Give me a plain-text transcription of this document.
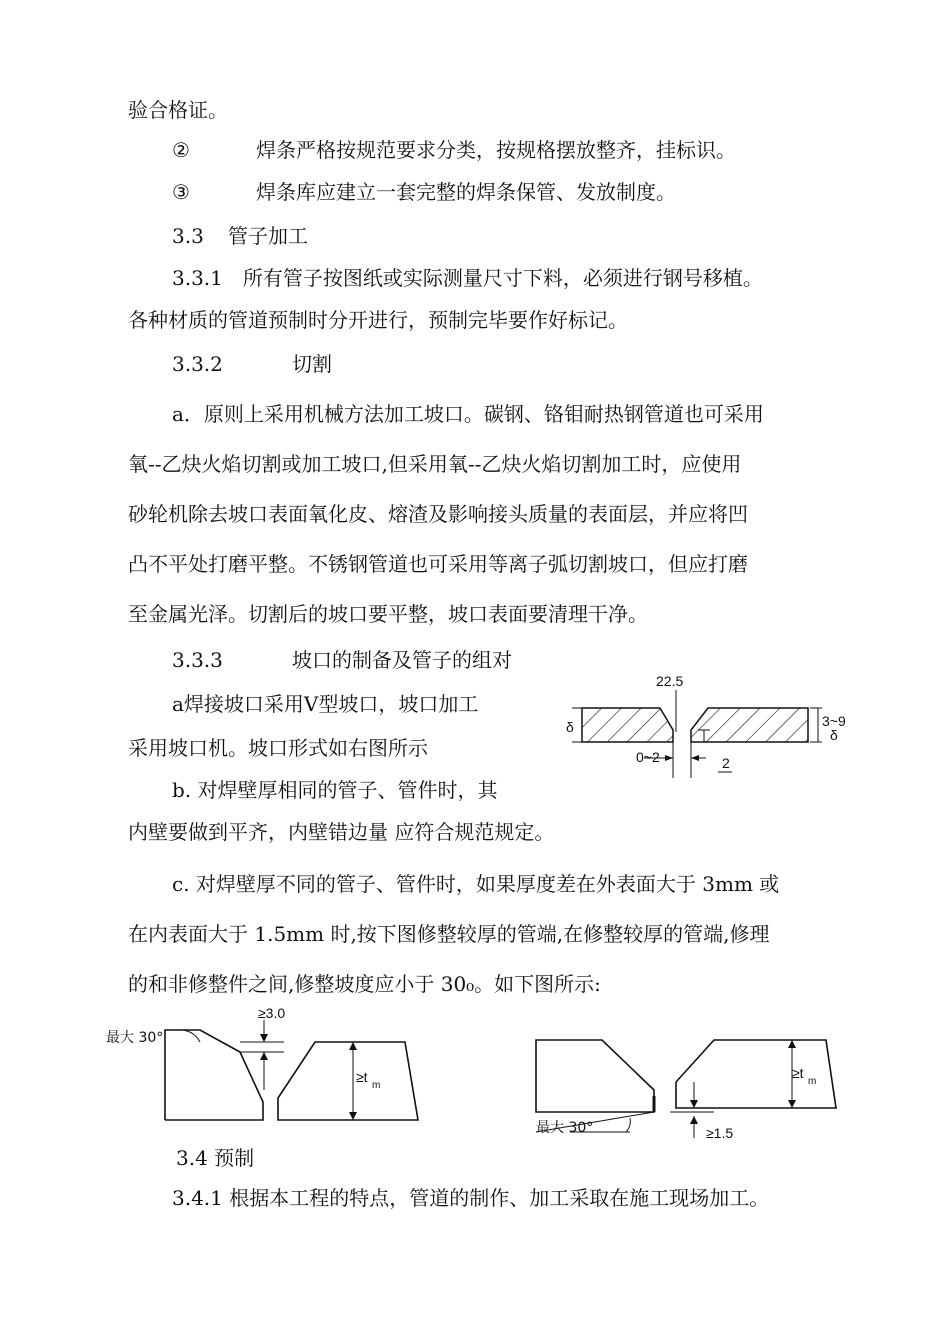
验合格证。
②	焊条严格按规范要求分类，按规格摆放整齐，挂标识。
③	焊条库应建立一套完整的焊条保管、发放制度。
3.3 管子加工
3.3.1　所有管子按图纸或实际测量尺寸下料，必须进行钢号移植。
各种材质的管道预制时分开进行，预制完毕要作好标记。
3.3.2	切割
a．原则上采用机械方法加工坡口。碳钢、铬钼耐热钢管道也可采用
氧--乙炔火焰切割或加工坡口,但采用氧--乙炔火焰切割加工时，应使用
砂轮机除去坡口表面氧化皮、熔渣及影响接头质量的表面层，并应将凹
凸不平处打磨平整。不锈钢管道也可采用等离子弧切割坡口，但应打磨
至金属光泽。切割后的坡口要平整，坡口表面要清理干净。
3.3.3	坡口的制备及管子的组对
a焊接坡口采用Ⅴ型坡口，坡口加工
采用坡口机。坡口形式如右图所示
b. 对焊壁厚相同的管子、管件时，其
内壁要做到平齐，内壁错边量 应符合规范规定。
c. 对焊壁厚不同的管子、管件时，如果厚度差在外表面大于 3mm 或
在内表面大于 1.5mm 时,按下图修整较厚的管端,在修整较厚的管端,修理
的和非修整件之间,修整坡度应小于 30₀。如下图所示:
3.4 预制
3.4.1 根据本工程的特点，管道的制作、加工采取在施工现场加工。
22.5
δ	3~9
δ
0~2	2
最大 30°
≥3.0
≥t
m
最大 30°
≥t
m
≥1.5
